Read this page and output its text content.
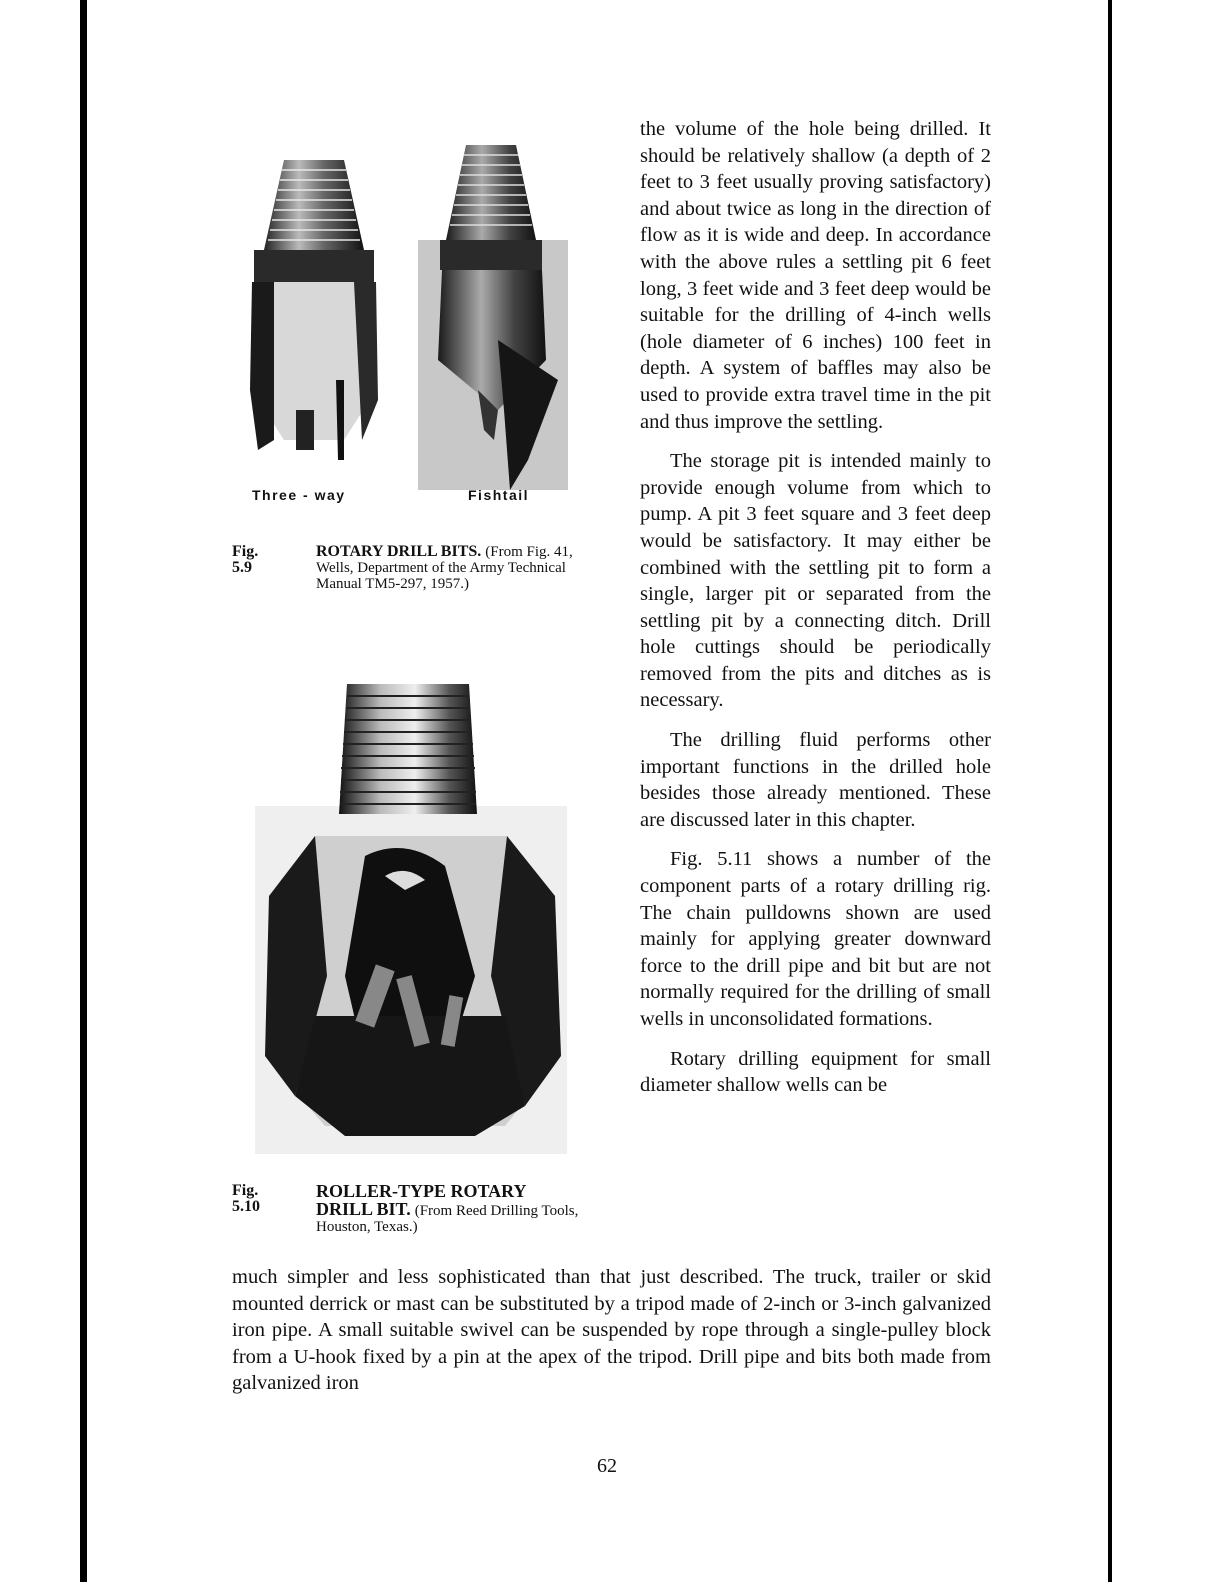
Three - way	Fishtail
Fig. 5.9
ROTARY DRILL BITS. (From Fig. 41, Wells, Department of the Army Technical Manual TM5-297, 1957.)
Fig. 5.10
ROLLER-TYPE ROTARY DRILL BIT. (From Reed Drilling Tools, Houston, Texas.)

the volume of the hole being drilled. It should be relatively shallow (a depth of 2 feet to 3 feet usually proving satisfactory) and about twice as long in the direction of flow as it is wide and deep. In accordance with the above rules a settling pit 6 feet long, 3 feet wide and 3 feet deep would be suitable for the drilling of 4-inch wells (hole diameter of 6 inches) 100 feet in depth. A system of baffles may also be used to provide extra travel time in the pit and thus improve the settling.

The storage pit is intended mainly to provide enough volume from which to pump. A pit 3 feet square and 3 feet deep would be satisfactory. It may either be combined with the settling pit to form a single, larger pit or separated from the settling pit by a connecting ditch. Drill hole cuttings should be periodically removed from the pits and ditches as is necessary.

The drilling fluid performs other important functions in the drilled hole besides those already mentioned. These are discussed later in this chapter.

Fig. 5.11 shows a number of the component parts of a rotary drilling rig. The chain pulldowns shown are used mainly for applying greater downward force to the drill pipe and bit but are not normally required for the drilling of small wells in unconsolidated formations.

Rotary drilling equipment for small diameter shallow wells can be

much simpler and less sophisticated than that just described. The truck, trailer or skid mounted derrick or mast can be substituted by a tripod made of 2-inch or 3-inch galvanized iron pipe. A small suitable swivel can be suspended by rope through a single-pulley block from a U-hook fixed by a pin at the apex of the tripod. Drill pipe and bits both made from galvanized iron

62
